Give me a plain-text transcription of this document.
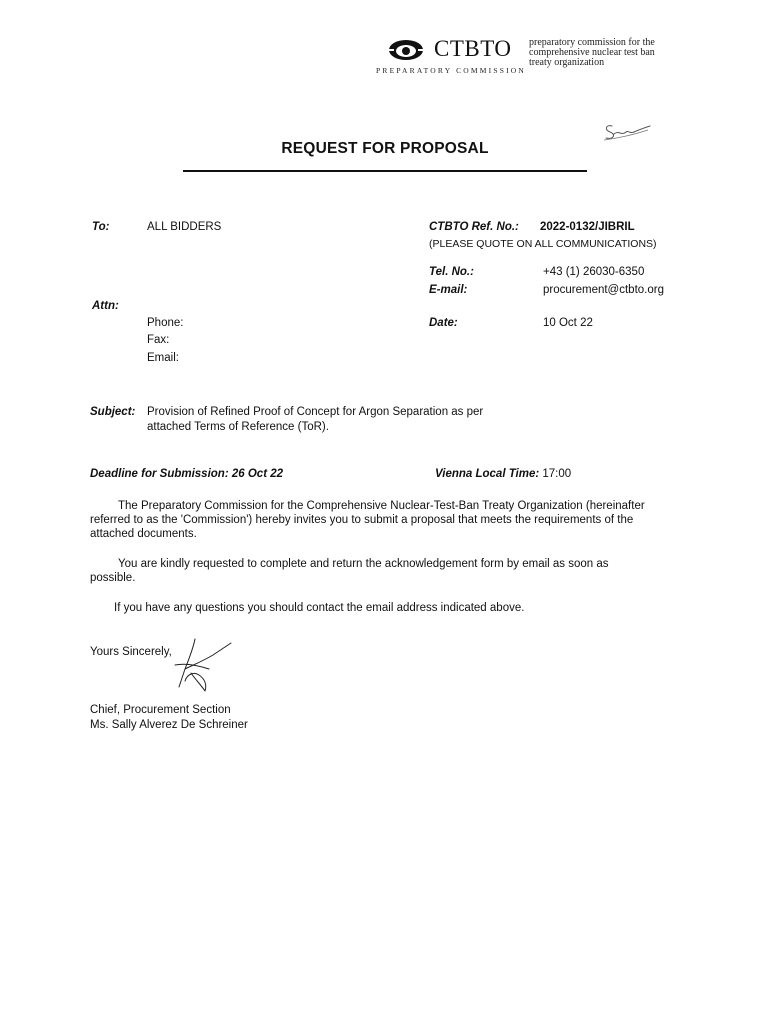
CTBTO
PREPARATORY COMMISSION
preparatory commission for the
comprehensive nuclear test ban
treaty organization
REQUEST FOR PROPOSAL
To:	ALL BIDDERS	CTBTO Ref. No.: 2022-0132/JIBRIL
(PLEASE QUOTE ON ALL COMMUNICATIONS)
Tel. No.:	+43 (1) 26030-6350
E-mail:	procurement@ctbto.org
Attn:
Phone:
Fax:
Email:
Date:	10 Oct 22
Subject: Provision of Refined Proof of Concept for Argon Separation as per
attached Terms of Reference (ToR).
Deadline for Submission: 26 Oct 22	Vienna Local Time: 17:00
The Preparatory Commission for the Comprehensive Nuclear-Test-Ban Treaty Organization (hereinafter referred to as the 'Commission') hereby invites you to submit a proposal that meets the requirements of the attached documents.
You are kindly requested to complete and return the acknowledgement form by email as soon as possible.
If you have any questions you should contact the email address indicated above.
Yours Sincerely,
Chief, Procurement Section
Ms. Sally Alverez De Schreiner
